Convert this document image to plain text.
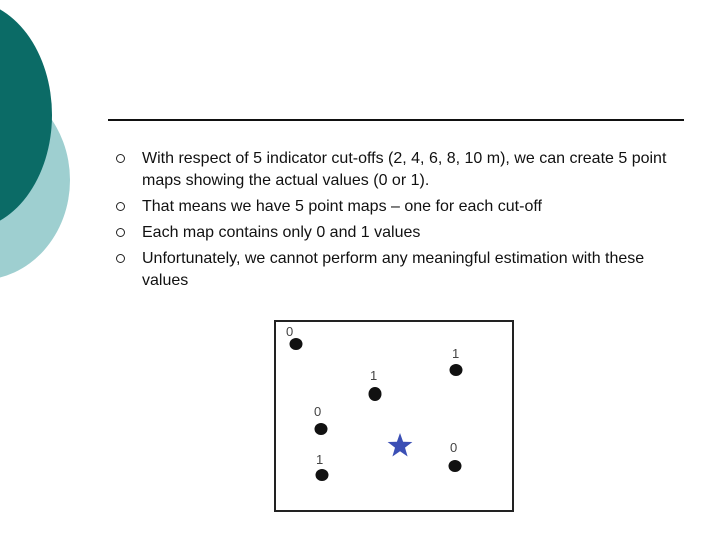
With respect of 5 indicator cut-offs (2, 4, 6, 8, 10 m), we can create 5 point maps showing the actual values (0 or 1).
That means we have 5 point maps – one for each cut-off
Each map contains only 0 and 1 values
Unfortunately, we cannot perform any meaningful estimation with these values
0
1
1
0
1
0
